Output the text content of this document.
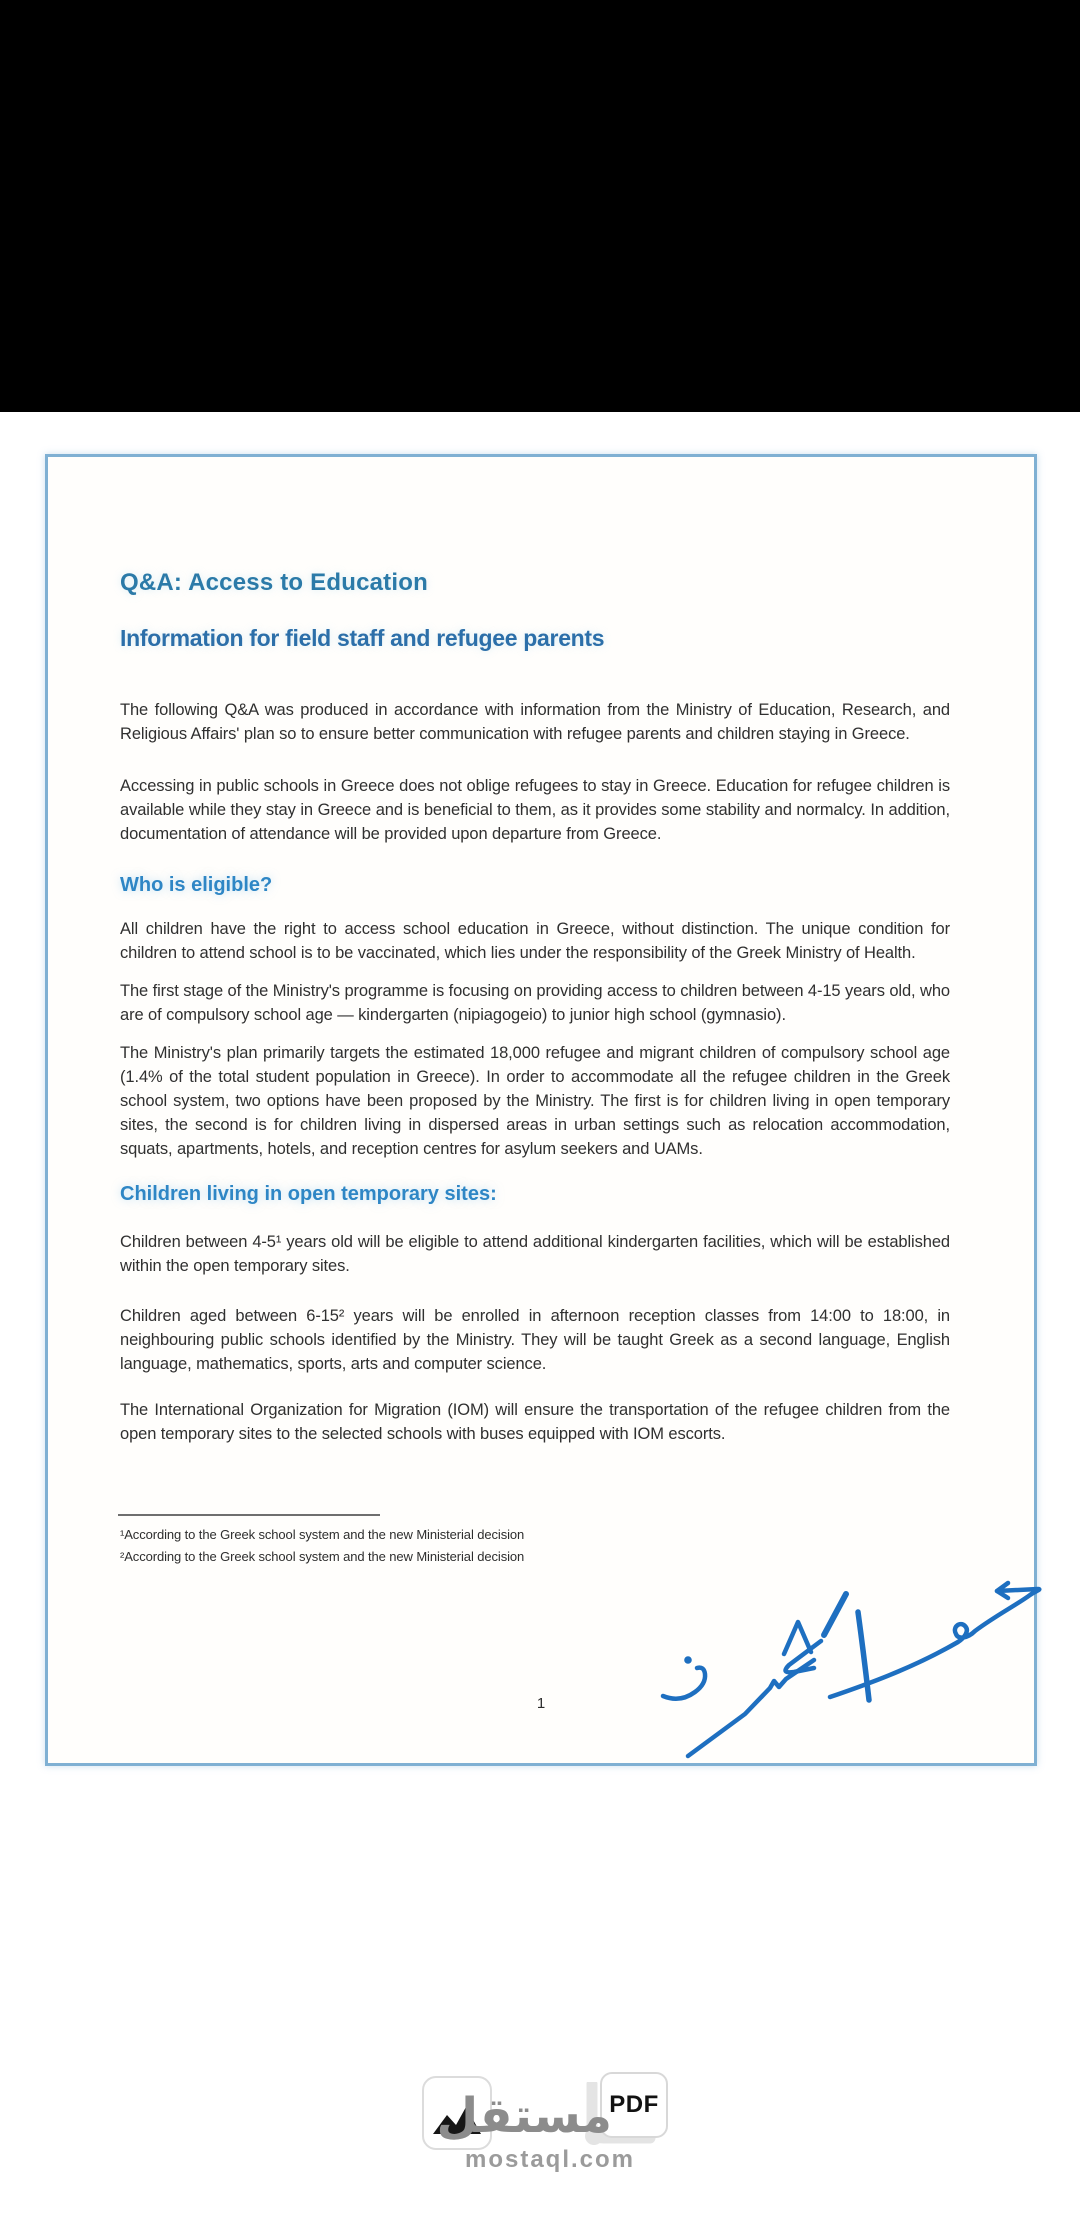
Q&A: Access to Education
Information for field staff and refugee parents

The following Q&A was produced in accordance with information from the Ministry of Education, Research, and Religious Affairs' plan so to ensure better communication with refugee parents and children staying in Greece.

Accessing in public schools in Greece does not oblige refugees to stay in Greece. Education for refugee children is available while they stay in Greece and is beneficial to them, as it provides some stability and normalcy. In addition, documentation of attendance will be provided upon departure from Greece.

Who is eligible?

All children have the right to access school education in Greece, without distinction. The unique condition for children to attend school is to be vaccinated, which lies under the responsibility of the Greek Ministry of Health.

The first stage of the Ministry's programme is focusing on providing access to children between 4-15 years old, who are of compulsory school age — kindergarten (nipiagogeio) to junior high school (gymnasio).

The Ministry's plan primarily targets the estimated 18,000 refugee and migrant children of compulsory school age (1.4% of the total student population in Greece). In order to accommodate all the refugee children in the Greek school system, two options have been proposed by the Ministry. The first is for children living in open temporary sites, the second is for children living in dispersed areas in urban settings such as relocation accommodation, squats, apartments, hotels, and reception centres for asylum seekers and UAMs.

Children living in open temporary sites:

Children between 4-5¹ years old will be eligible to attend additional kindergarten facilities, which will be established within the open temporary sites.

Children aged between 6-15² years will be enrolled in afternoon reception classes from 14:00 to 18:00, in neighbouring public schools identified by the Ministry. They will be taught Greek as a second language, English language, mathematics, sports, arts and computer science.

The International Organization for Migration (IOM) will ensure the transportation of the refugee children from the open temporary sites to the selected schools with buses equipped with IOM escorts.

¹According to the Greek school system and the new Ministerial decision
²According to the Greek school system and the new Ministerial decision
1
PDF
مستقل
mostaql.com
